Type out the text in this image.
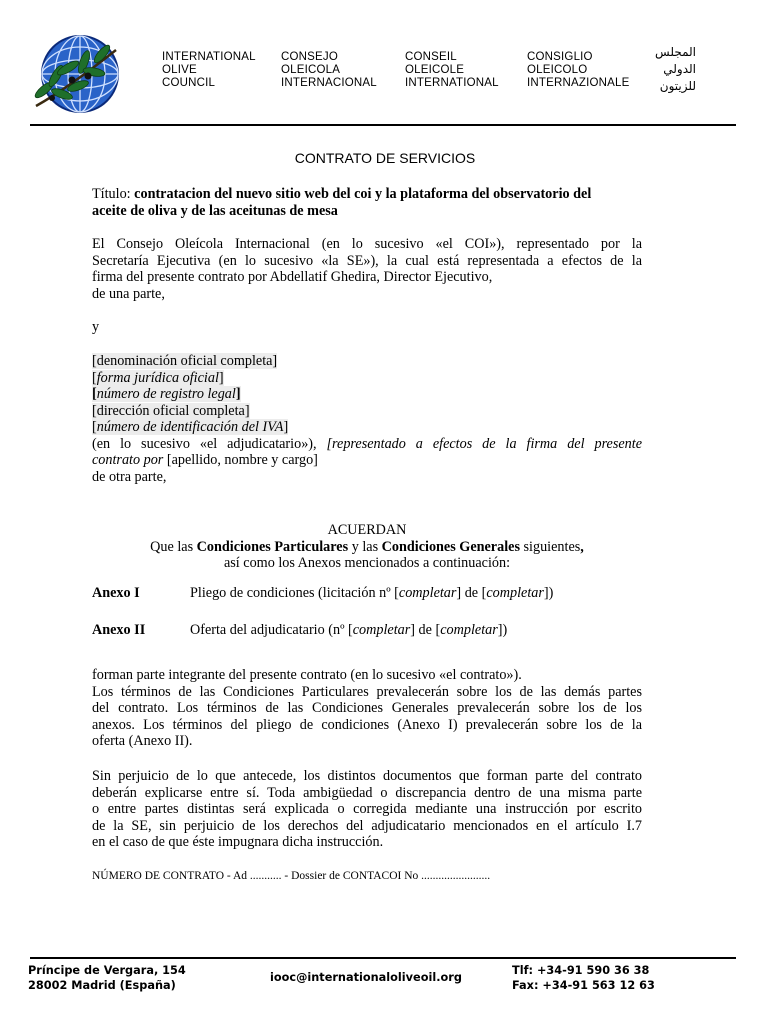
INTERNATIONAL
OLIVE
COUNCIL
CONSEJO
OLEICOLA
INTERNACIONAL
CONSEIL
OLEICOLE
INTERNATIONAL
CONSIGLIO
OLEICOLO
INTERNAZIONALE
المجلس
الدولي
للزيتون
CONTRATO DE SERVICIOS
Título: contratacion del nuevo sitio web del coi y la plataforma del observatorio del
aceite de oliva y de las aceitunas de mesa
El Consejo Oleícola Internacional (en lo sucesivo «el COI»), representado por la
Secretaría Ejecutiva (en lo sucesivo «la SE»), la cual está representada a efectos de la
firma del presente contrato por Abdellatif Ghedira, Director Ejecutivo,
de una parte,
y
[denominación oficial completa]
[forma jurídica oficial]
[número de registro legal]
[dirección oficial completa]
[número de identificación del IVA]
(en lo sucesivo «el adjudicatario»), [representado a efectos de la firma del presente
contrato por [apellido, nombre y cargo]
de otra parte,
ACUERDAN
Que las Condiciones Particulares y las Condiciones Generales siguientes,
así como los Anexos mencionados a continuación:
Anexo I	Pliego de condiciones (licitación nº [completar] de [completar])
Anexo II	Oferta del adjudicatario (nº [completar] de [completar])
forman parte integrante del presente contrato (en lo sucesivo «el contrato»).
Los términos de las Condiciones Particulares prevalecerán sobre los de las demás partes
del contrato. Los términos de las Condiciones Generales prevalecerán sobre los de los
anexos. Los términos del pliego de condiciones (Anexo I) prevalecerán sobre los de la
oferta (Anexo II).
Sin perjuicio de lo que antecede, los distintos documentos que forman parte del contrato
deberán explicarse entre sí. Toda ambigüedad o discrepancia dentro de una misma parte
o entre partes distintas será explicada o corregida mediante una instrucción por escrito
de la SE, sin perjuicio de los derechos del adjudicatario mencionados en el artículo I.7
en el caso de que éste impugnara dicha instrucción.
NÚMERO DE CONTRATO - Ad ........... - Dossier de CONTACOI No ........................
Príncipe de Vergara, 154
28002 Madrid (España)
iooc@internationaloliveoil.org
Tlf: +34-91 590 36 38
Fax: +34-91 563 12 63
